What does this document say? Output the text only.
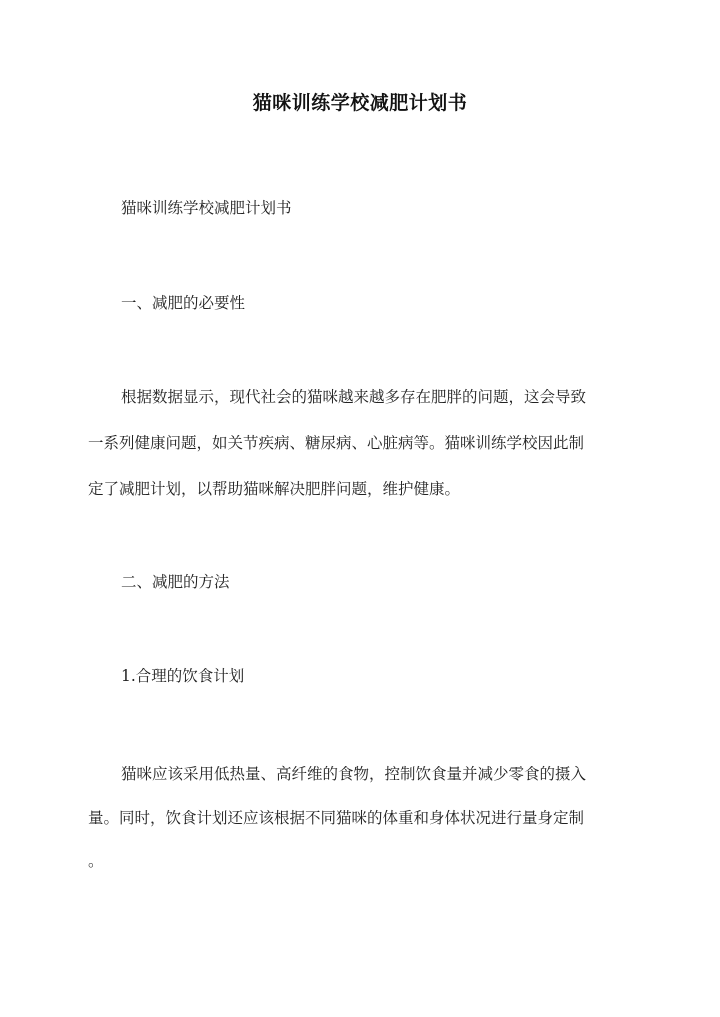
猫咪训练学校减肥计划书
猫咪训练学校减肥计划书
一、减肥的必要性
根据数据显示，现代社会的猫咪越来越多存在肥胖的问题，这会导致
一系列健康问题，如关节疾病、糖尿病、心脏病等。猫咪训练学校因此制
定了减肥计划，以帮助猫咪解决肥胖问题，维护健康。
二、减肥的方法
1.合理的饮食计划
猫咪应该采用低热量、高纤维的食物，控制饮食量并减少零食的摄入
量。同时，饮食计划还应该根据不同猫咪的体重和身体状况进行量身定制
。
